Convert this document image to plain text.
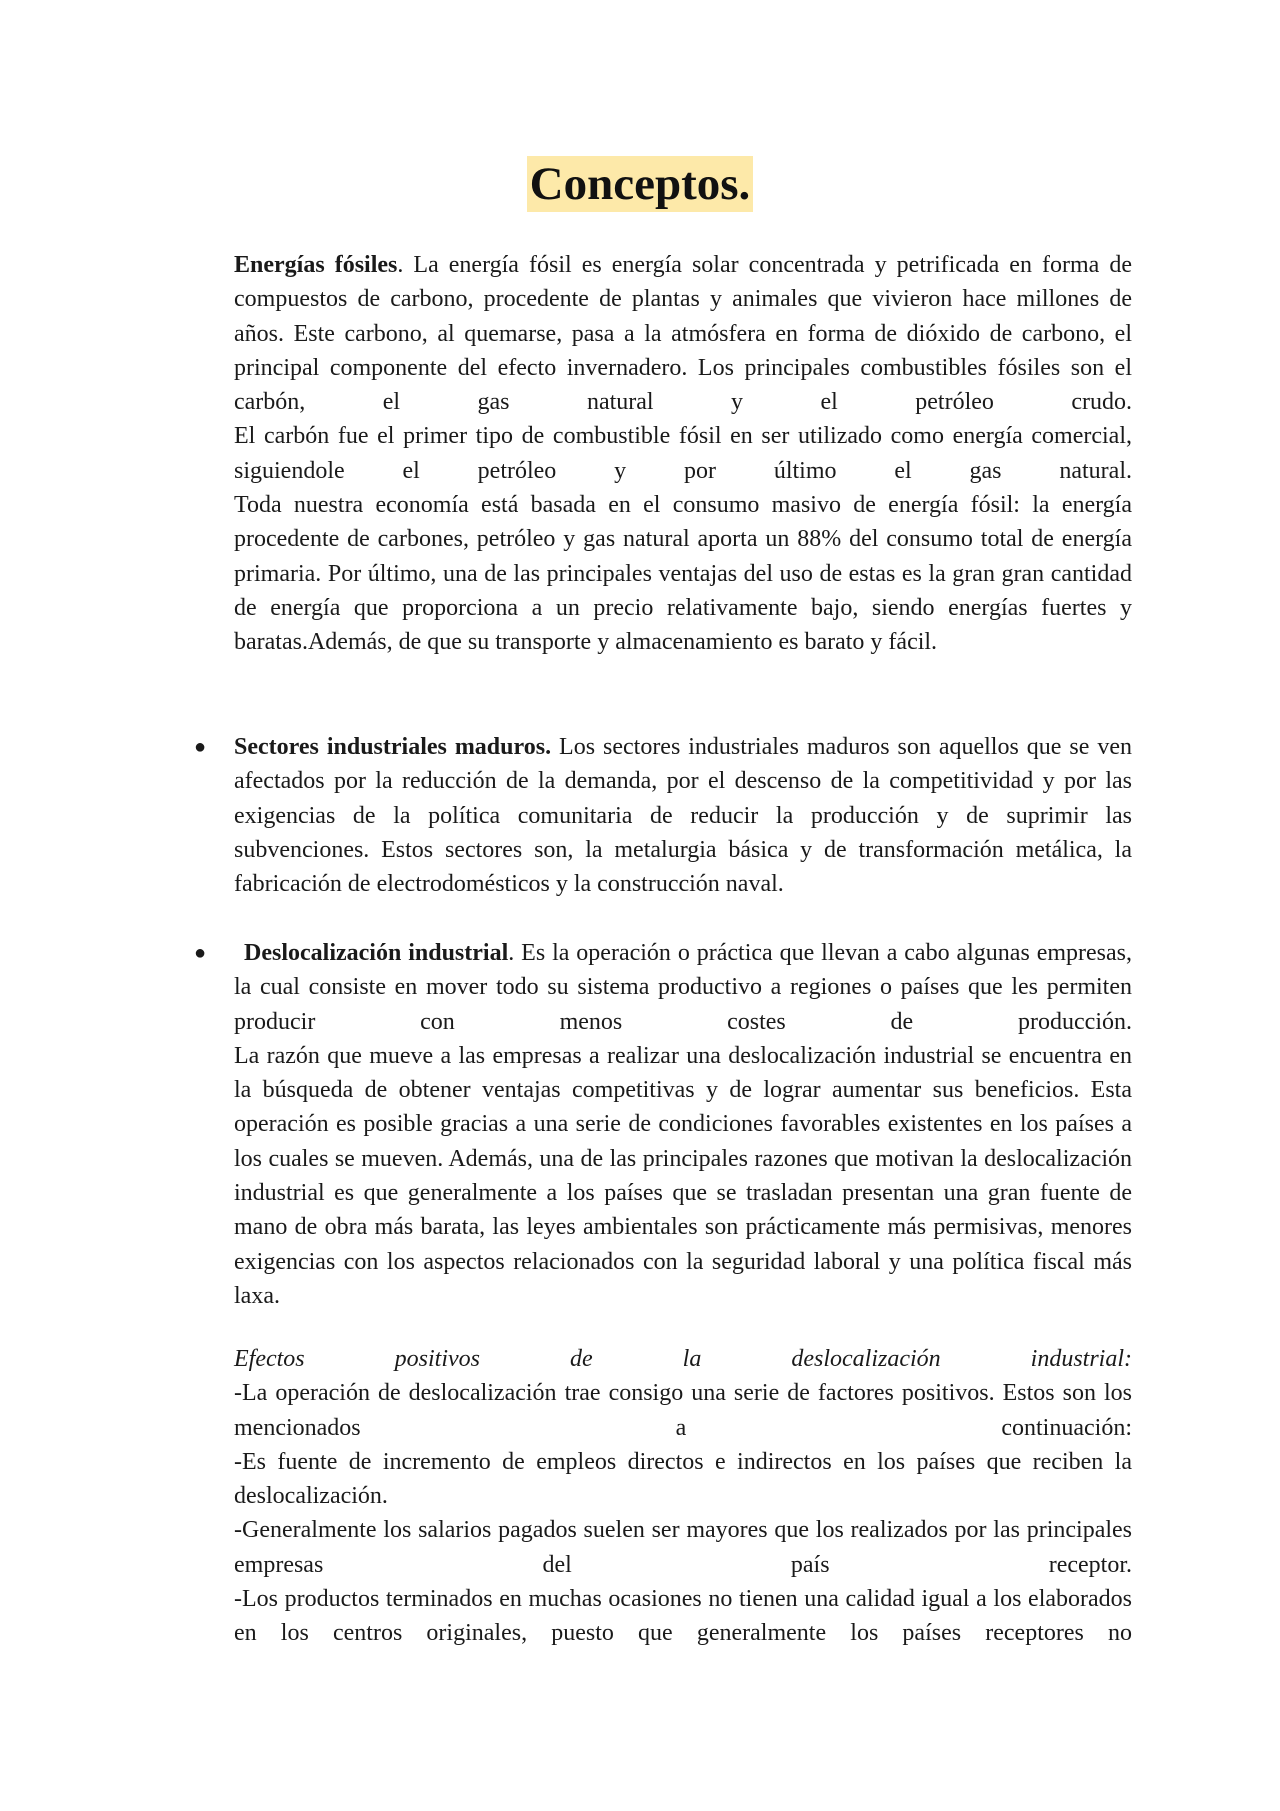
Conceptos.

Energías fósiles. La energía fósil es energía solar concentrada y petrificada en forma de compuestos de carbono, procedente de plantas y animales que vivieron hace millones de años. Este carbono, al quemarse, pasa a la atmósfera en forma de dióxido de carbono, el principal componente del efecto invernadero. Los principales combustibles fósiles son el carbón, el gas natural y el petróleo crudo.

El carbón fue el primer tipo de combustible fósil en ser utilizado como energía comercial, siguiendole el petróleo y por último el gas natural.

Toda nuestra economía está basada en el consumo masivo de energía fósil: la energía procedente de carbones, petróleo y gas natural aporta un 88% del consumo total de energía primaria. Por último, una de las principales ventajas del uso de estas es la gran gran cantidad de energía que proporciona a un precio relativamente bajo, siendo energías fuertes y baratas.Además, de que su transporte y almacenamiento es barato y fácil.

● Sectores industriales maduros. Los sectores industriales maduros son aquellos que se ven afectados por la reducción de la demanda, por el descenso de la competitividad y por las exigencias de la política comunitaria de reducir la producción y de suprimir las subvenciones. Estos sectores son, la metalurgia básica y de transformación metálica, la fabricación de electrodomésticos y la construcción naval.

●	Deslocalización industrial. Es la operación o práctica que llevan a cabo algunas empresas, la cual consiste en mover todo su sistema productivo a regiones o países que les permiten producir con menos costes de producción.

La razón que mueve a las empresas a realizar una deslocalización industrial se encuentra en la búsqueda de obtener ventajas competitivas y de lograr aumentar sus beneficios. Esta operación es posible gracias a una serie de condiciones favorables existentes en los países a los cuales se mueven. Además, una de las principales razones que motivan la deslocalización industrial es que generalmente a los países que se trasladan presentan una gran fuente de mano de obra más barata, las leyes ambientales son prácticamente más permisivas, menores exigencias con los aspectos relacionados con la seguridad laboral y una política fiscal más laxa.

Efectos positivos de la deslocalización industrial:

-La operación de deslocalización trae consigo una serie de factores positivos. Estos son los mencionados a continuación:

-Es fuente de incremento de empleos directos e indirectos en los países que reciben la deslocalización.

-Generalmente los salarios pagados suelen ser mayores que los realizados por las principales empresas del país receptor.

-Los productos terminados en muchas ocasiones no tienen una calidad igual a los elaborados en los centros originales, puesto que generalmente los países receptores no
